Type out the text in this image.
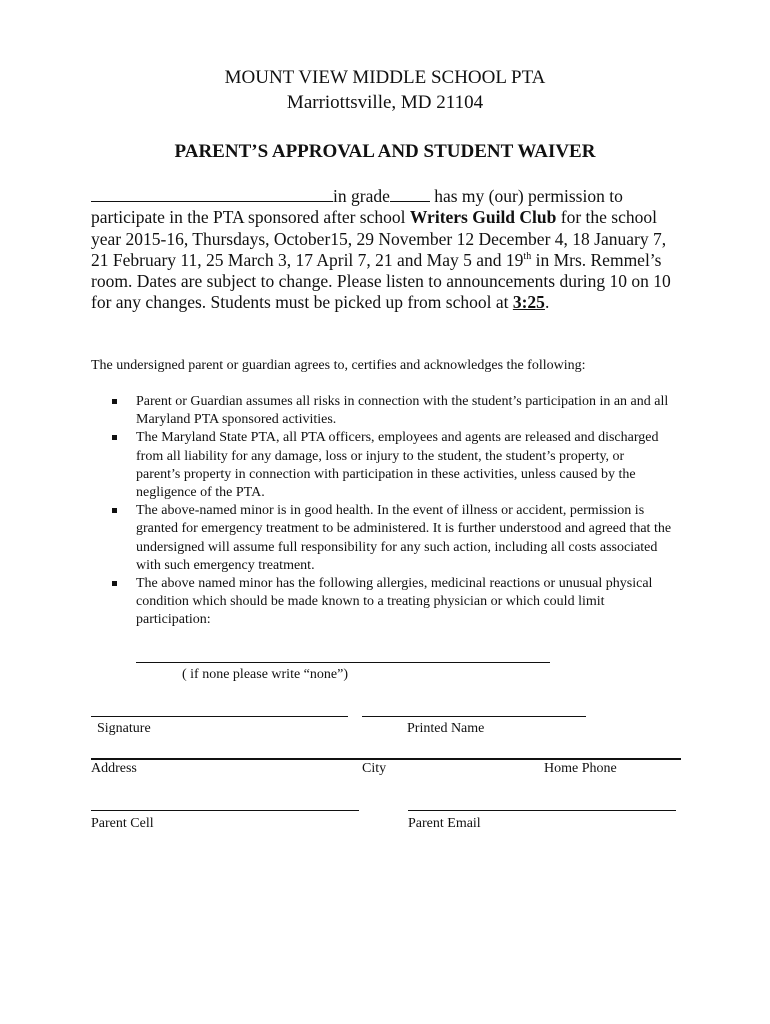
MOUNT VIEW MIDDLE SCHOOL PTA
Marriottsville, MD 21104
PARENT’S APPROVAL AND STUDENT WAIVER
in grade has my (our) permission to participate in the PTA sponsored after school Writers Guild Club for the school year 2015-16, Thursdays, October15, 29 November 12 December 4, 18 January 7, 21 February 11, 25 March 3, 17 April 7, 21 and May 5 and 19th in Mrs. Remmel’s room. Dates are subject to change. Please listen to announcements during 10 on 10 for any changes. Students must be picked up from school at 3:25.
The undersigned parent or guardian agrees to, certifies and acknowledges the following:
Parent or Guardian assumes all risks in connection with the student’s participation in an and all Maryland PTA sponsored activities.
The Maryland State PTA, all PTA officers, employees and agents are released and discharged from all liability for any damage, loss or injury to the student, the student’s property, or parent’s property in connection with participation in these activities, unless caused by the negligence of the PTA.
The above-named minor is in good health. In the event of illness or accident, permission is granted for emergency treatment to be administered. It is further understood and agreed that the undersigned will assume full responsibility for any such action, including all costs associated with such emergency treatment.
The above named minor has the following allergies, medicinal reactions or unusual physical condition which should be made known to a treating physician or which could limit participation:
( if none please write “none”)
Signature	Printed Name
Address	City	Home Phone
Parent Cell	Parent Email
